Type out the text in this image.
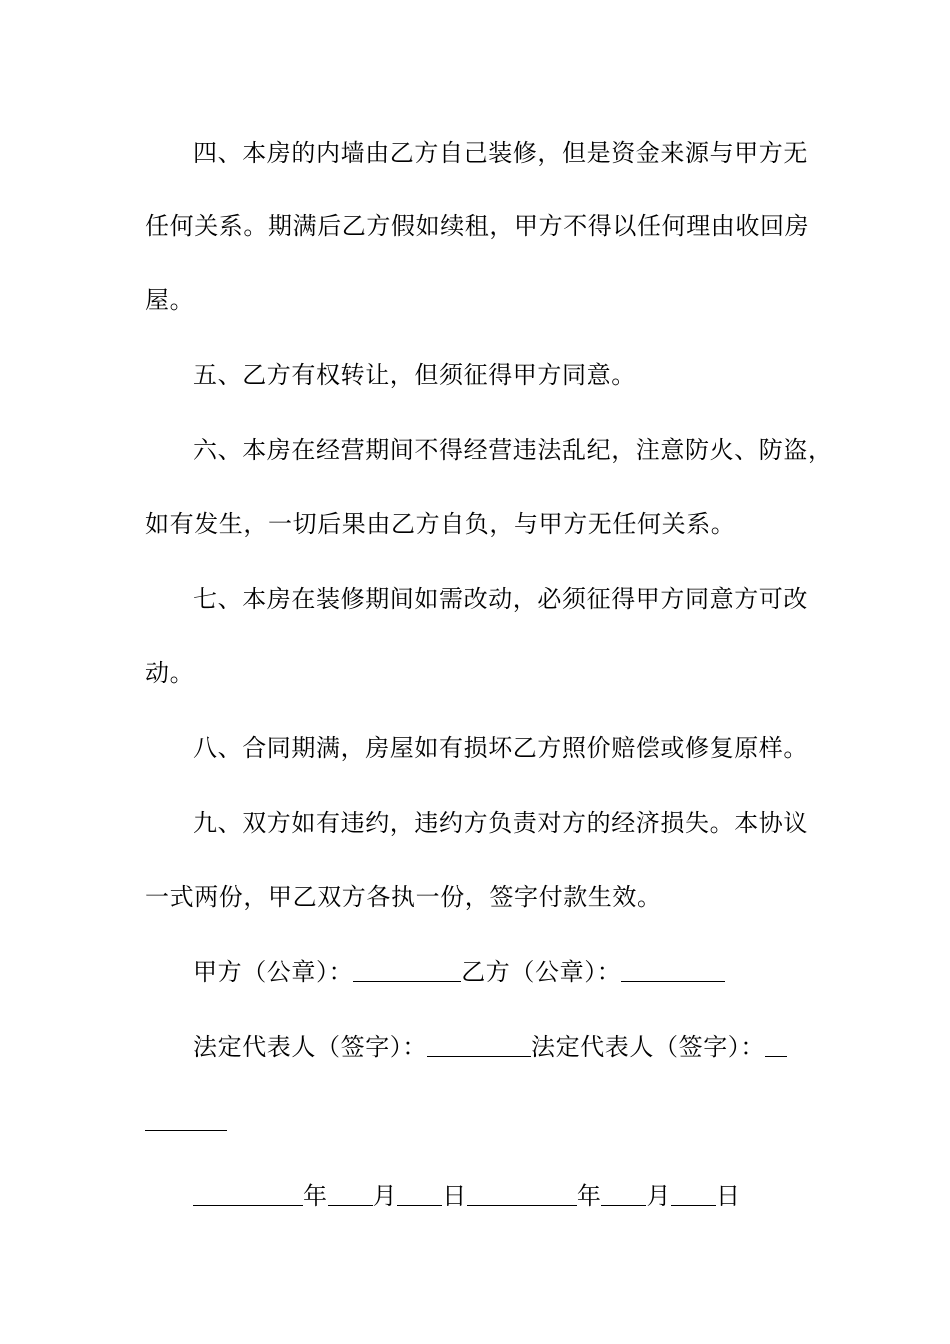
四、本房的内墙由乙方自己装修，但是资金来源与甲方无
任何关系。期满后乙方假如续租，甲方不得以任何理由收回房
屋。
五、乙方有权转让，但须征得甲方同意。
六、本房在经营期间不得经营违法乱纪，注意防火、防盗，
如有发生，一切后果由乙方自负，与甲方无任何关系。
七、本房在装修期间如需改动，必须征得甲方同意方可改
动。
八、合同期满，房屋如有损坏乙方照价赔偿或修复原样。
九、双方如有违约，违约方负责对方的经济损失。本协议
一式两份，甲乙双方各执一份，签字付款生效。
甲方（公章）：	乙方（公章）：
法定代表人（签字）：	法定代表人（签字）：
年 月 日	年 月 日
